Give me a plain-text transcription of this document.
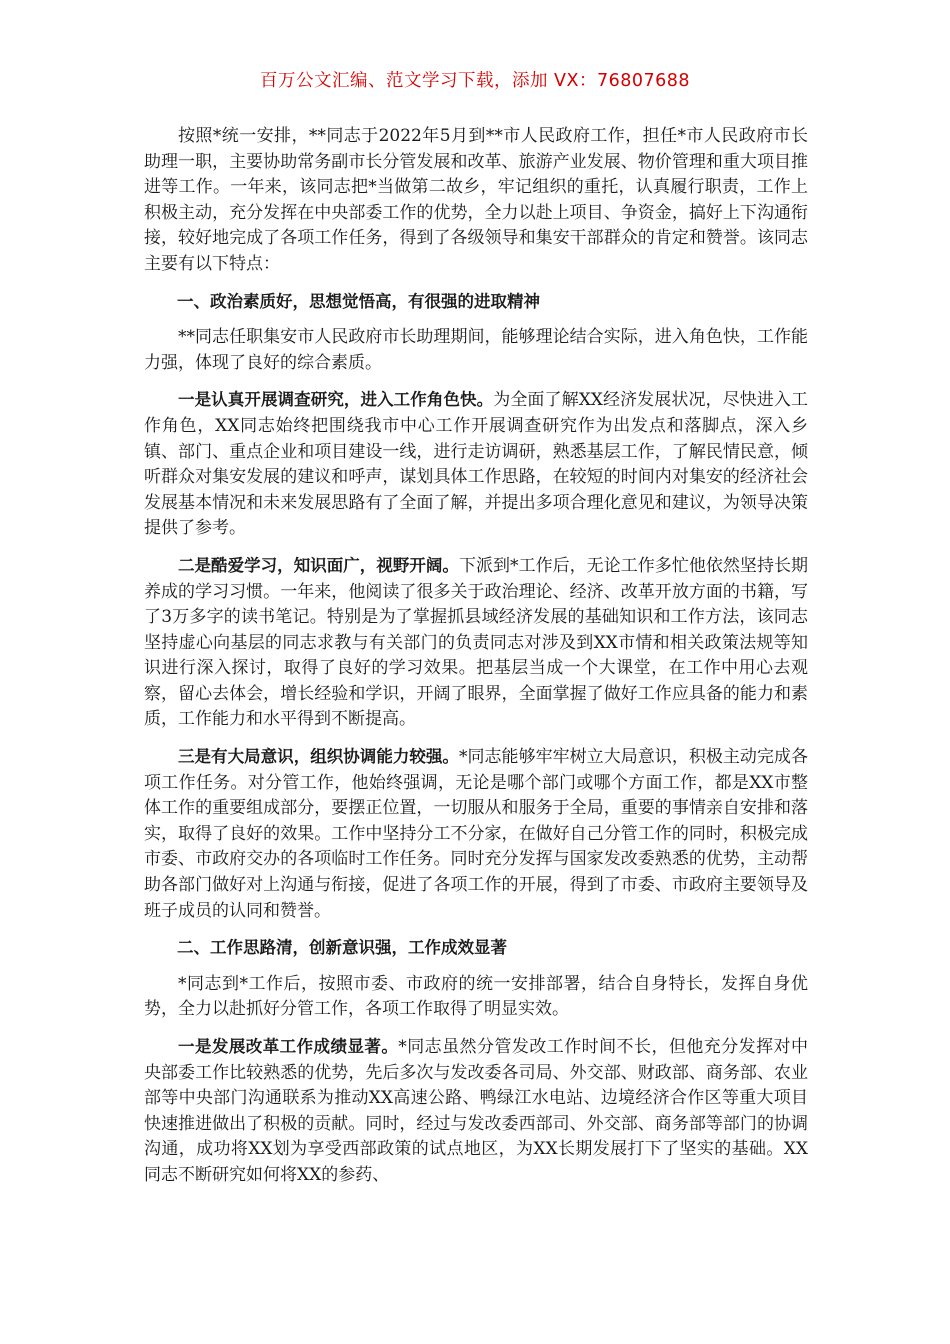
百万公文汇编、范文学习下载，添加 VX：76807688

按照*统一安排，**同志于2022年5月到**市人民政府工作，担任*市人民政府市长助理一职，主要协助常务副市长分管发展和改革、旅游产业发展、物价管理和重大项目推进等工作。一年来，该同志把*当做第二故乡，牢记组织的重托，认真履行职责，工作上积极主动，充分发挥在中央部委工作的优势，全力以赴上项目、争资金，搞好上下沟通衔接，较好地完成了各项工作任务，得到了各级领导和集安干部群众的肯定和赞誉。该同志主要有以下特点：

一、政治素质好，思想觉悟高，有很强的进取精神

**同志任职集安市人民政府市长助理期间，能够理论结合实际，进入角色快，工作能力强，体现了良好的综合素质。

一是认真开展调查研究，进入工作角色快。为全面了解XX经济发展状况，尽快进入工作角色，XX同志始终把围绕我市中心工作开展调查研究作为出发点和落脚点，深入乡镇、部门、重点企业和项目建设一线，进行走访调研，熟悉基层工作，了解民情民意，倾听群众对集安发展的建议和呼声，谋划具体工作思路，在较短的时间内对集安的经济社会发展基本情况和未来发展思路有了全面了解，并提出多项合理化意见和建议，为领导决策提供了参考。

二是酷爱学习，知识面广，视野开阔。下派到*工作后，无论工作多忙他依然坚持长期养成的学习习惯。一年来，他阅读了很多关于政治理论、经济、改革开放方面的书籍，写了3万多字的读书笔记。特别是为了掌握抓县域经济发展的基础知识和工作方法，该同志坚持虚心向基层的同志求教与有关部门的负责同志对涉及到XX市情和相关政策法规等知识进行深入探讨，取得了良好的学习效果。把基层当成一个大课堂，在工作中用心去观察，留心去体会，增长经验和学识，开阔了眼界，全面掌握了做好工作应具备的能力和素质，工作能力和水平得到不断提高。

三是有大局意识，组织协调能力较强。*同志能够牢牢树立大局意识，积极主动完成各项工作任务。对分管工作，他始终强调，无论是哪个部门或哪个方面工作，都是XX市整体工作的重要组成部分，要摆正位置，一切服从和服务于全局，重要的事情亲自安排和落实，取得了良好的效果。工作中坚持分工不分家，在做好自己分管工作的同时，积极完成市委、市政府交办的各项临时工作任务。同时充分发挥与国家发改委熟悉的优势，主动帮助各部门做好对上沟通与衔接，促进了各项工作的开展，得到了市委、市政府主要领导及班子成员的认同和赞誉。

二、工作思路清，创新意识强，工作成效显著

*同志到*工作后，按照市委、市政府的统一安排部署，结合自身特长，发挥自身优势，全力以赴抓好分管工作，各项工作取得了明显实效。

一是发展改革工作成绩显著。*同志虽然分管发改工作时间不长，但他充分发挥对中央部委工作比较熟悉的优势，先后多次与发改委各司局、外交部、财政部、商务部、农业部等中央部门沟通联系为推动XX高速公路、鸭绿江水电站、边境经济合作区等重大项目快速推进做出了积极的贡献。同时，经过与发改委西部司、外交部、商务部等部门的协调沟通，成功将XX划为享受西部政策的试点地区，为XX长期发展打下了坚实的基础。XX同志不断研究如何将XX的参药、
